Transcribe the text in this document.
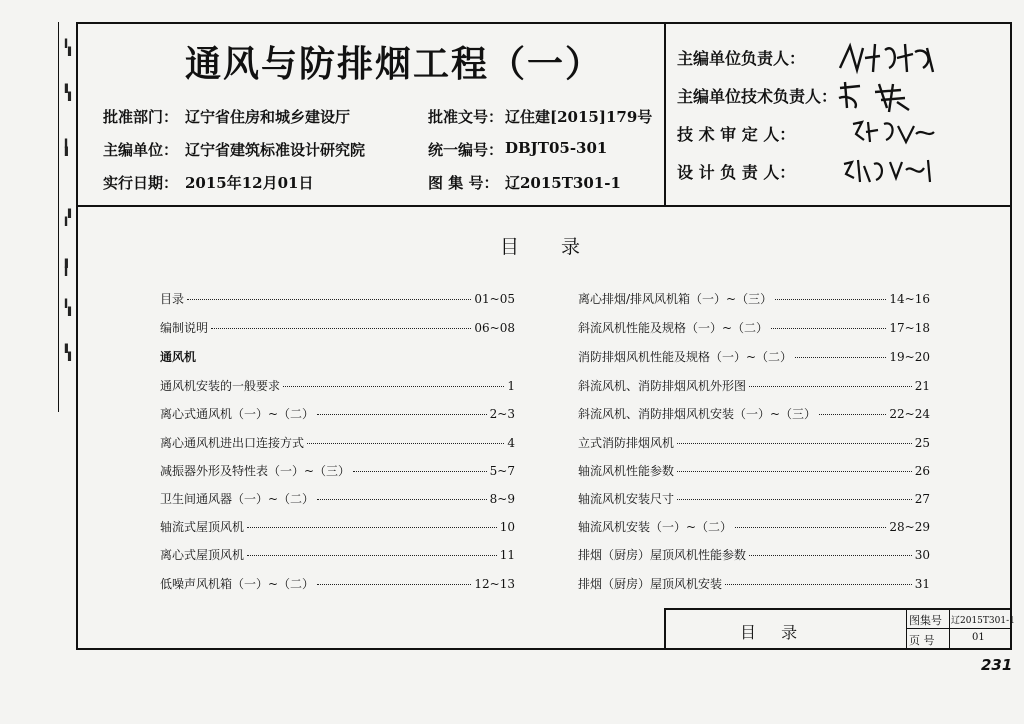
▍
▐
▌
▐
▍
▌
▐
▍
▌
▍
▍
▐
▌
▐
通风与防排烟工程（一）
批准部门： 辽宁省住房和城乡建设厅
主编单位： 辽宁省建筑标准设计研究院
实行日期： 2015年12月01日
批准文号： 辽住建[2015]179号
统一编号： DBJT05-301
图 集 号： 辽2015T301-1
主编单位负责人：
主编单位技术负责人：
技 术 审 定 人：
设 计 负 责 人：
目录
目录	01~05
编制说明	06~08
通风机
通风机安装的一般要求	1
离心式通风机（一）~（二）	2~3
离心通风机进出口连接方式	4
减振器外形及特性表（一）~（三）	5~7
卫生间通风器（一）~（二）	8~9
轴流式屋顶风机	10
离心式屋顶风机	11
低噪声风机箱（一）~（二）	12~13
离心排烟/排风风机箱（一）~（三）	14~16
斜流风机性能及规格（一）~（二）	17~18
消防排烟风机性能及规格（一）~（二）	19~20
斜流风机、消防排烟风机外形图	21
斜流风机、消防排烟风机安装（一）~（三）	22~24
立式消防排烟风机	25
轴流风机性能参数	26
轴流风机安装尺寸	27
轴流风机安装（一）~（二）	28~29
排烟（厨房）屋顶风机性能参数	30
排烟（厨房）屋顶风机安装	31
目 录
图集号 辽2015T301-1
页 号	01
231
